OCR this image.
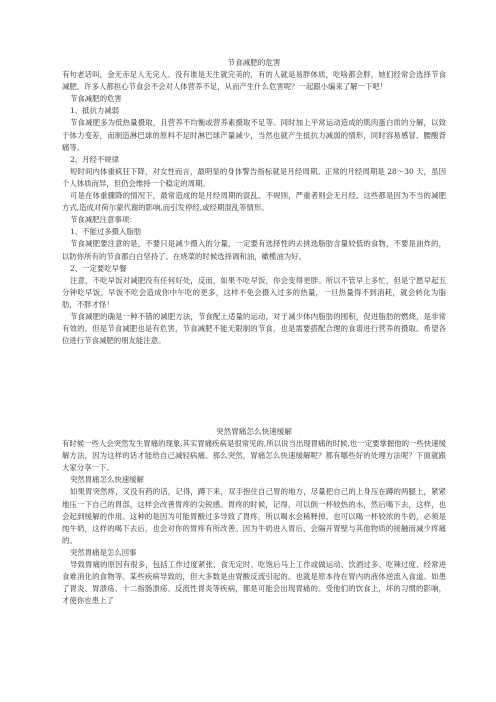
节食减肥的危害

有句老话叫，金无赤足人无完人。没有谁是天生就完美的，有的人就是易胖体质，吃啥都会胖，她们经常会选择节食减肥。许多人都担心节食会不会对人体营养不足，从而产生什么危害呢？一起跟小编来了解一下吧！

节食减肥的危害

1、抵抗力减弱

节食减肥多为低热量摄取，且营养不均衡或营养素摄取不足等。同时加上平常运动造成的肌肉蛋白质的分解，以致于体力变差，而制造淋巴球的原料不足时淋巴球产量减少，当然也就产生抵抗力减弱的情形，同时容易感冒、腰酸背痛等。

2、月经不规律

短时间内体重疯狂下降，对女性而言，最明显的身体警告指标就是月经周期。正常的月经周期是 28～30 天，虽因个人体质而异，但仍会维持一个稳定的周期。

可是在体重骤降的情况下，最常造成的是月经周期的混乱、不规则，严重者则会无月经。这些都是因为不当的减肥方式,造成对荷尔蒙代谢的影响,而引发停经,或经期混乱等情形。

节食减肥注意事项：

1、不能过多摄入脂肪

节食减肥要注意的是，不要只是减少摄入的分量，一定要有选择性的去挑选脂肪含量较低的食物，不要是油炸的，以防你所有的节食都白白坚持了。在烧菜的时候选择调和油，橄榄油为好。

2、一定要吃早餐

注意，不吃早饭对减肥没有任何好处，反而，如果不吃早饭，你会变得更胖。所以不管早上多忙，但是宁愿早起五分钟吃早饭。早饭不吃会造成你中午吃的更多，这样不免会摄入过多的热量，一旦热量得不到消耗，就会转化为脂肪，不胖才怪！

节食减肥的确是一种不错的减肥方法，节食配上适量的运动，对于减少体内脂肪的囤积，促进脂肪的燃烧，是非常有效的。但是节食减肥也是有危害，节食减肥不能无限制的节食，也是需要搭配合理的食谱进行营养的摄取。希望各位进行节食减肥的朋友能注意。

突然胃痛怎么快速缓解

有时候一些人会突然发生胃痛的现象,其实胃痛疾病是很常见的,所以说当出现胃痛的时候,也一定要掌握他的一些快速缓解方法，因为这样的话才能给自己减轻病痛。那么突然，胃痛怎么快速缓解呢？都有哪些好的处理方法呢？下面就跟大家分享一下。

突然胃痛怎么快速缓解

如果胃突然疼，又没有药的话，记得，蹲下来，双手抱住自己胃的地方，尽量把自己的上身压在蹲的两腿上，紧紧地压一下自己的胃部，这样会改善胃疼的尖锐感。胃疼的时候，记得，可以倒一杯较热的水，然后喝下去，这样，也会起到缓解的作用。这种的是因为可能胃酸过多导致了胃疼，所以喝水会稀释掉。也可以喝一杯较浓的牛奶，必须是纯牛奶，这样的喝下去后，也会对你的胃疼有所改善。因为牛奶进入胃后，会隔开胃壁与其他物质的接触而减少疼痛的。

突然胃痛是怎么回事

导致胃痛的原因有很多，包括工作过度紧张、食无定时、吃饱后马上工作或做运动、饮酒过多、吃辣过度、经常进食难消化的食物等。某些疾病导致的，但大多数是由胃酸反流引起的。也就是原本待在胃内的液体逆流入食道。如患了胃炎、胃溃疡、十二指肠溃疡、反流性胃炎等疾病，都是可能会出现胃痛的。受他们的饮食上，坏的习惯的影响，才使你也患上了
